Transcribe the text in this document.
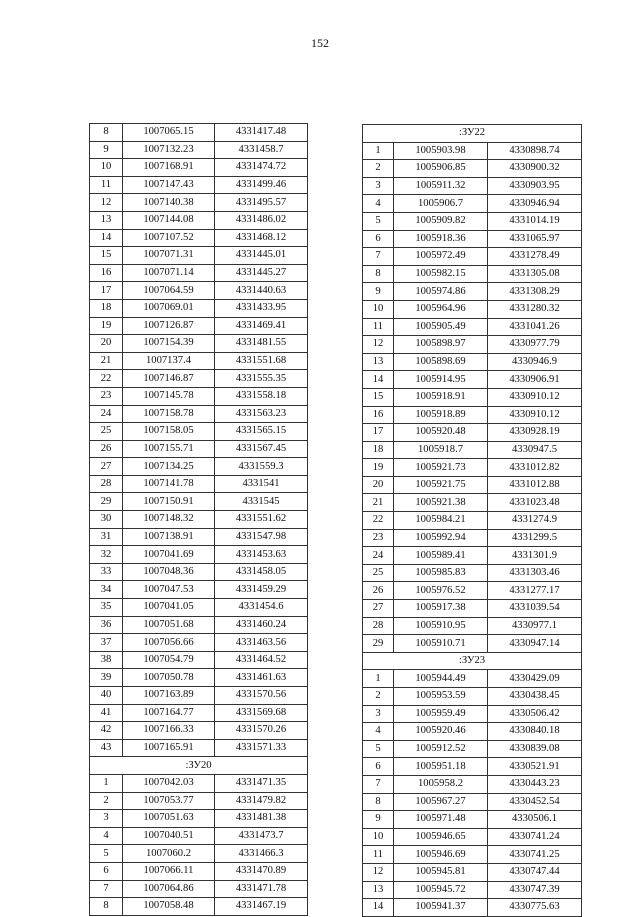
152
8	1007065.15	4331417.48
9	1007132.23	4331458.7
10	1007168.91	4331474.72
11	1007147.43	4331499.46
12	1007140.38	4331495.57
13	1007144.08	4331486.02
14	1007107.52	4331468.12
15	1007071.31	4331445.01
16	1007071.14	4331445.27
17	1007064.59	4331440.63
18	1007069.01	4331433.95
19	1007126.87	4331469.41
20	1007154.39	4331481.55
21	1007137.4	4331551.68
22	1007146.87	4331555.35
23	1007145.78	4331558.18
24	1007158.78	4331563.23
25	1007158.05	4331565.15
26	1007155.71	4331567.45
27	1007134.25	4331559.3
28	1007141.78	4331541
29	1007150.91	4331545
30	1007148.32	4331551.62
31	1007138.91	4331547.98
32	1007041.69	4331453.63
33	1007048.36	4331458.05
34	1007047.53	4331459.29
35	1007041.05	4331454.6
36	1007051.68	4331460.24
37	1007056.66	4331463.56
38	1007054.79	4331464.52
39	1007050.78	4331461.63
40	1007163.89	4331570.56
41	1007164.77	4331569.68
42	1007166.33	4331570.26
43	1007165.91	4331571.33
:ЗУ20		
1	1007042.03	4331471.35
2	1007053.77	4331479.82
3	1007051.63	4331481.38
4	1007040.51	4331473.7
5	1007060.2	4331466.3
6	1007066.11	4331470.89
7	1007064.86	4331471.78
8	1007058.48	4331467.19
:ЗУ22		
1	1005903.98	4330898.74
2	1005906.85	4330900.32
3	1005911.32	4330903.95
4	1005906.7	4330946.94
5	1005909.82	4331014.19
6	1005918.36	4331065.97
7	1005972.49	4331278.49
8	1005982.15	4331305.08
9	1005974.86	4331308.29
10	1005964.96	4331280.32
11	1005905.49	4331041.26
12	1005898.97	4330977.79
13	1005898.69	4330946.9
14	1005914.95	4330906.91
15	1005918.91	4330910.12
16	1005918.89	4330910.12
17	1005920.48	4330928.19
18	1005918.7	4330947.5
19	1005921.73	4331012.82
20	1005921.75	4331012.88
21	1005921.38	4331023.48
22	1005984.21	4331274.9
23	1005992.94	4331299.5
24	1005989.41	4331301.9
25	1005985.83	4331303.46
26	1005976.52	4331277.17
27	1005917.38	4331039.54
28	1005910.95	4330977.1
29	1005910.71	4330947.14
:ЗУ23		
1	1005944.49	4330429.09
2	1005953.59	4330438.45
3	1005959.49	4330506.42
4	1005920.46	4330840.18
5	1005912.52	4330839.08
6	1005951.18	4330521.91
7	1005958.2	4330443.23
8	1005967.27	4330452.54
9	1005971.48	4330506.1
10	1005946.65	4330741.24
11	1005946.69	4330741.25
12	1005945.81	4330747.44
13	1005945.72	4330747.39
14	1005941.37	4330775.63
